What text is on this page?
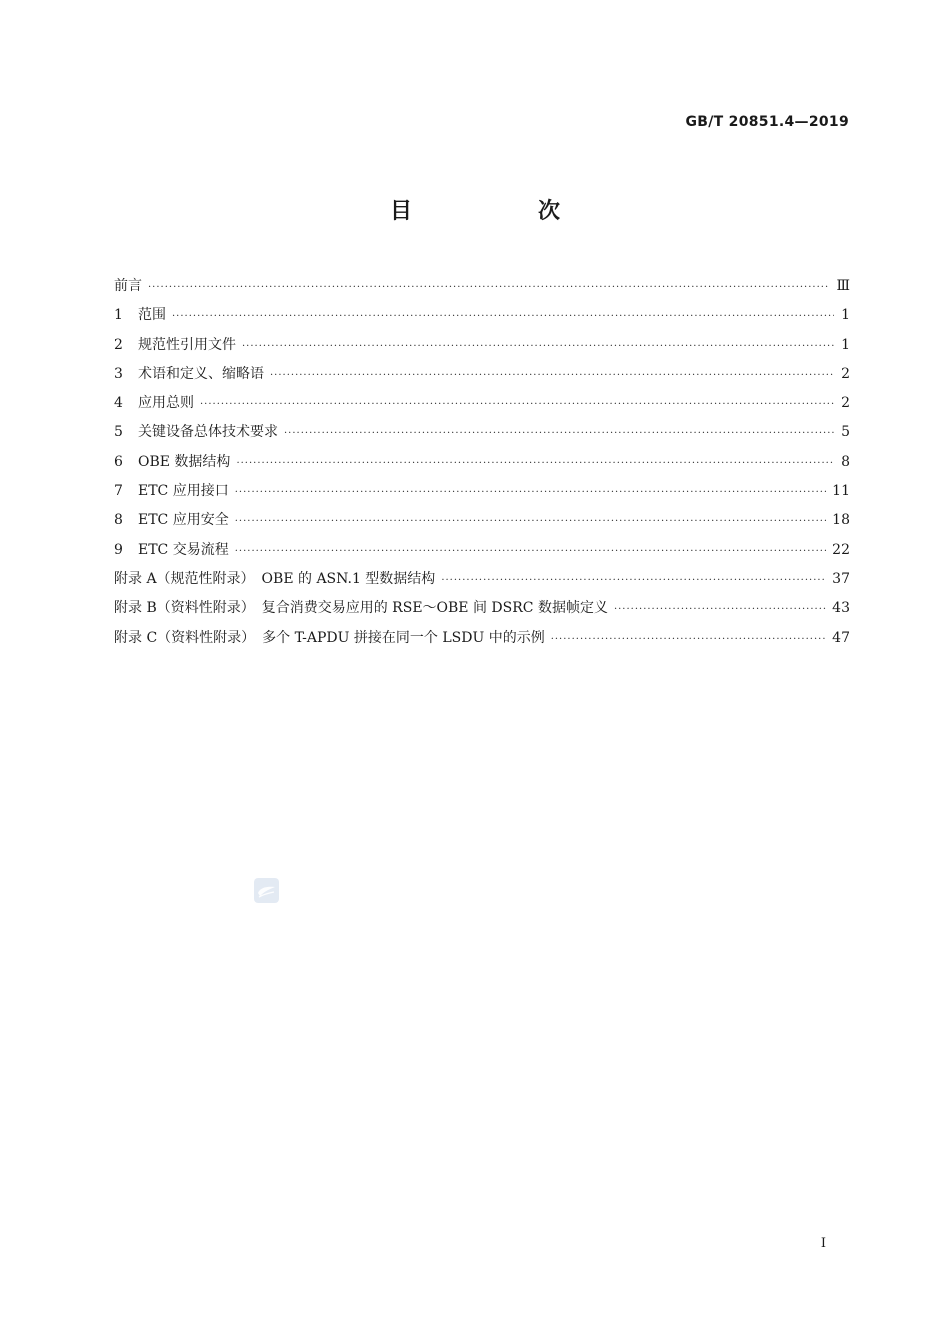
GB/T 20851.4—2019
目　次
前言 ·····	Ⅲ
1 范围 ·····	1
2 规范性引用文件 ·····	1
3 术语和定义、缩略语 ·····	2
4 应用总则 ·····	2
5 关键设备总体技术要求 ·····	5
6 OBE 数据结构 ·····	8
7 ETC 应用接口 ·····	11
8 ETC 应用安全 ·····	18
9 ETC 交易流程 ·····	22
附录 A（规范性附录）　OBE 的 ASN.1 型数据结构 ·····	37
附录 B（资料性附录）　复合消费交易应用的 RSE～OBE 间 DSRC 数据帧定义 ·····	43
附录 C（资料性附录）　多个 T-APDU 拼接在同一个 LSDU 中的示例 ·····	47
Ⅰ
